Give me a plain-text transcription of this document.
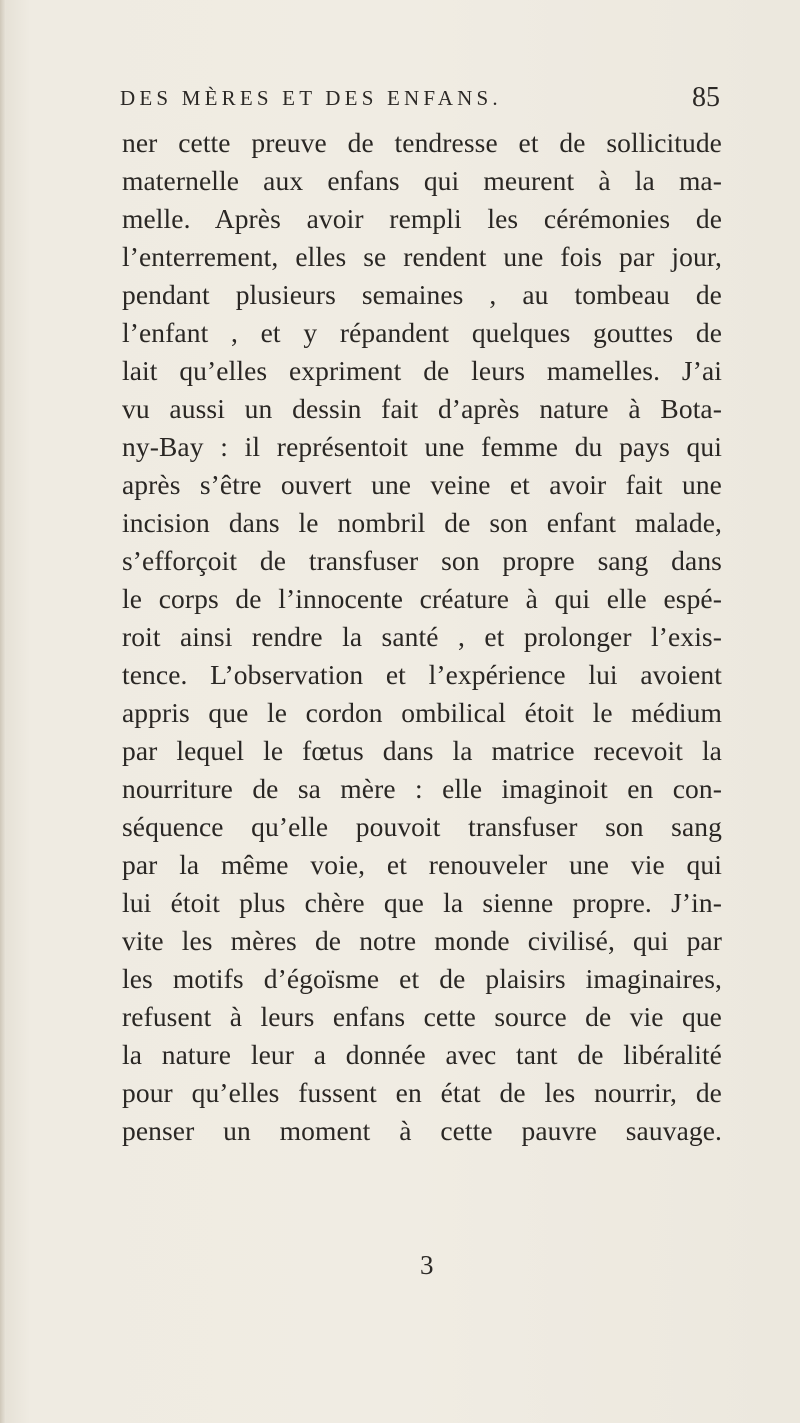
DES MÈRES ET DES ENFANS.	85
ner cette preuve de tendresse et de sollicitude
maternelle aux enfans qui meurent à la ma-
melle. Après avoir rempli les cérémonies de
l’enterrement, elles se rendent une fois par jour,
pendant plusieurs semaines , au tombeau de
l’enfant , et y répandent quelques gouttes de
lait qu’elles expriment de leurs mamelles. J’ai
vu aussi un dessin fait d’après nature à Bota-
ny-Bay : il représentoit une femme du pays qui
après s’être ouvert une veine et avoir fait une
incision dans le nombril de son enfant malade,
s’efforçoit de transfuser son propre sang dans
le corps de l’innocente créature à qui elle espé-
roit ainsi rendre la santé , et prolonger l’exis-
tence. L’observation et l’expérience lui avoient
appris que le cordon ombilical étoit le médium
par lequel le fœtus dans la matrice recevoit la
nourriture de sa mère : elle imaginoit en con-
séquence qu’elle pouvoit transfuser son sang
par la même voie, et renouveler une vie qui
lui étoit plus chère que la sienne propre. J’in-
vite les mères de notre monde civilisé, qui par
les motifs d’égoïsme et de plaisirs imaginaires,
refusent à leurs enfans cette source de vie que
la nature leur a donnée avec tant de libéralité
pour qu’elles fussent en état de les nourrir, de
penser un moment à cette pauvre sauvage.
3
